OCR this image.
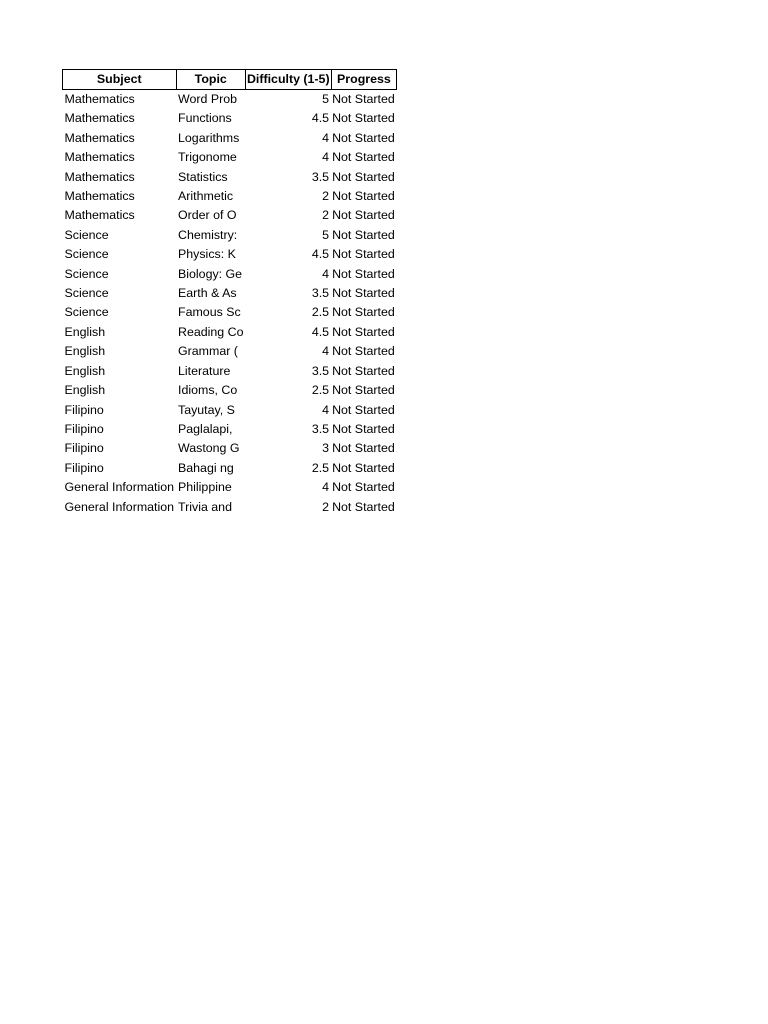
Subject	Topic	Difficulty (1-5)	Progress
Mathematics	Word Prob	5	Not Started
Mathematics	Functions	4.5	Not Started
Mathematics	Logarithms	4	Not Started
Mathematics	Trigonome	4	Not Started
Mathematics	Statistics	3.5	Not Started
Mathematics	Arithmetic	2	Not Started
Mathematics	Order of O	2	Not Started
Science	Chemistry:	5	Not Started
Science	Physics: K	4.5	Not Started
Science	Biology: Ge	4	Not Started
Science	Earth & As	3.5	Not Started
Science	Famous Sc	2.5	Not Started
English	Reading Co	4.5	Not Started
English	Grammar (	4	Not Started
English	Literature	3.5	Not Started
English	Idioms, Co	2.5	Not Started
Filipino	Tayutay, S	4	Not Started
Filipino	Paglalapi,	3.5	Not Started
Filipino	Wastong G	3	Not Started
Filipino	Bahagi ng	2.5	Not Started
General Information	Philippine	4	Not Started
General Information	Trivia and	2	Not Started
